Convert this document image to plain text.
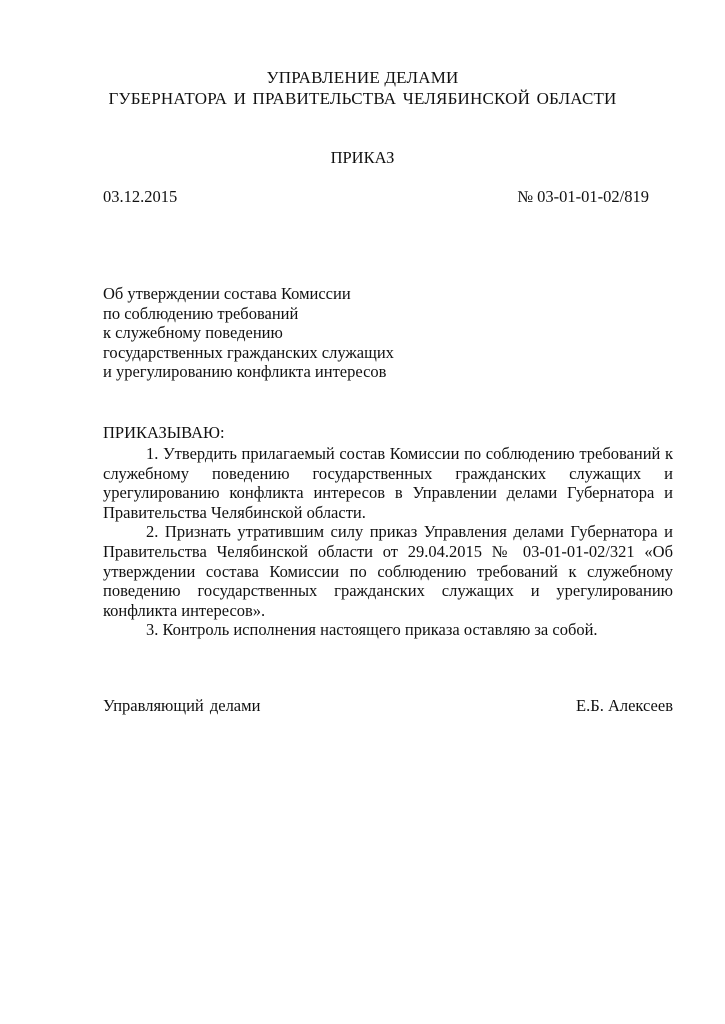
УПРАВЛЕНИЕ ДЕЛАМИ
ГУБЕРНАТОРА И ПРАВИТЕЛЬСТВА ЧЕЛЯБИНСКОЙ ОБЛАСТИ
ПРИКАЗ
03.12.2015	№ 03-01-01-02/819
Об утверждении состава Комиссии
по соблюдению требований
к служебному поведению
государственных гражданских служащих
и урегулированию конфликта интересов
ПРИКАЗЫВАЮ:

1. Утвердить прилагаемый состав Комиссии по соблюдению требований к служебному поведению государственных гражданских служащих и урегулированию конфликта интересов в Управлении делами Губернатора и Правительства Челябинской области.

2. Признать утратившим силу приказ Управления делами Губернатора и Правительства Челябинской области от 29.04.2015 № 03-01-01-02/321 «Об утверждении состава Комиссии по соблюдению требований к служебному поведению государственных гражданских служащих и урегулированию конфликта интересов».

3. Контроль исполнения настоящего приказа оставляю за собой.

Управляющий делами	Е.Б. Алексеев
